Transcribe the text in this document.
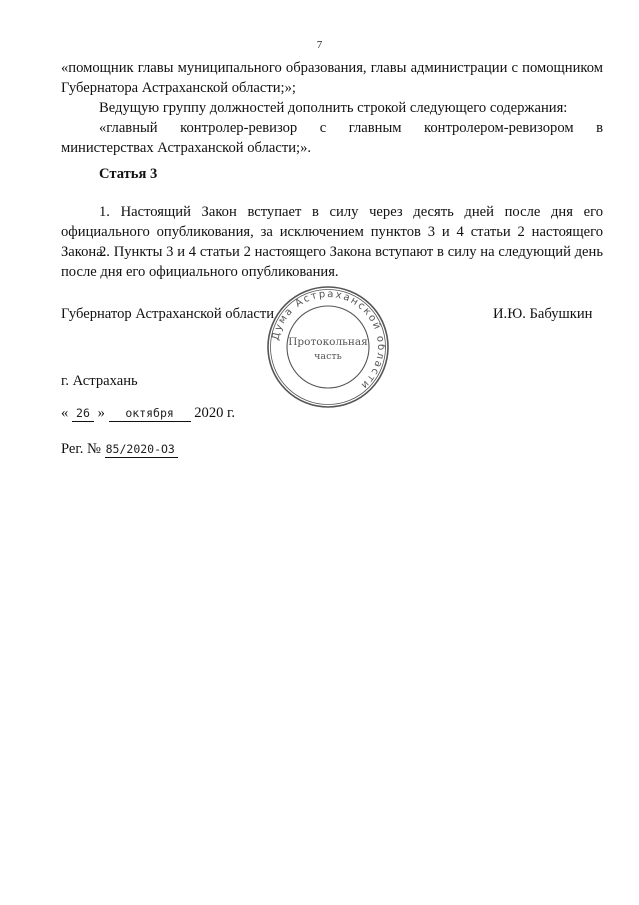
7
«помощник главы муниципального образования, главы администрации с помощником Губернатора Астраханской области;»;
Ведущую группу должностей дополнить строкой следующего содержания:
«главный контролер-ревизор с главным контролером-ревизором в министерствах Астраханской области;».
Статья 3
1. Настоящий Закон вступает в силу через десять дней после дня его официального опубликования, за исключением пунктов 3 и 4 статьи 2 настоящего Закона.
2. Пункты 3 и 4 статьи 2 настоящего Закона вступают в силу на следующий день после дня его официального опубликования.
Губернатор Астраханской области	И.Ю. Бабушкин
Дума Астраханской области
Протокольная
часть
г. Астрахань
« 26 » октября 2020 г.
Рег. № 85/2020-ОЗ
